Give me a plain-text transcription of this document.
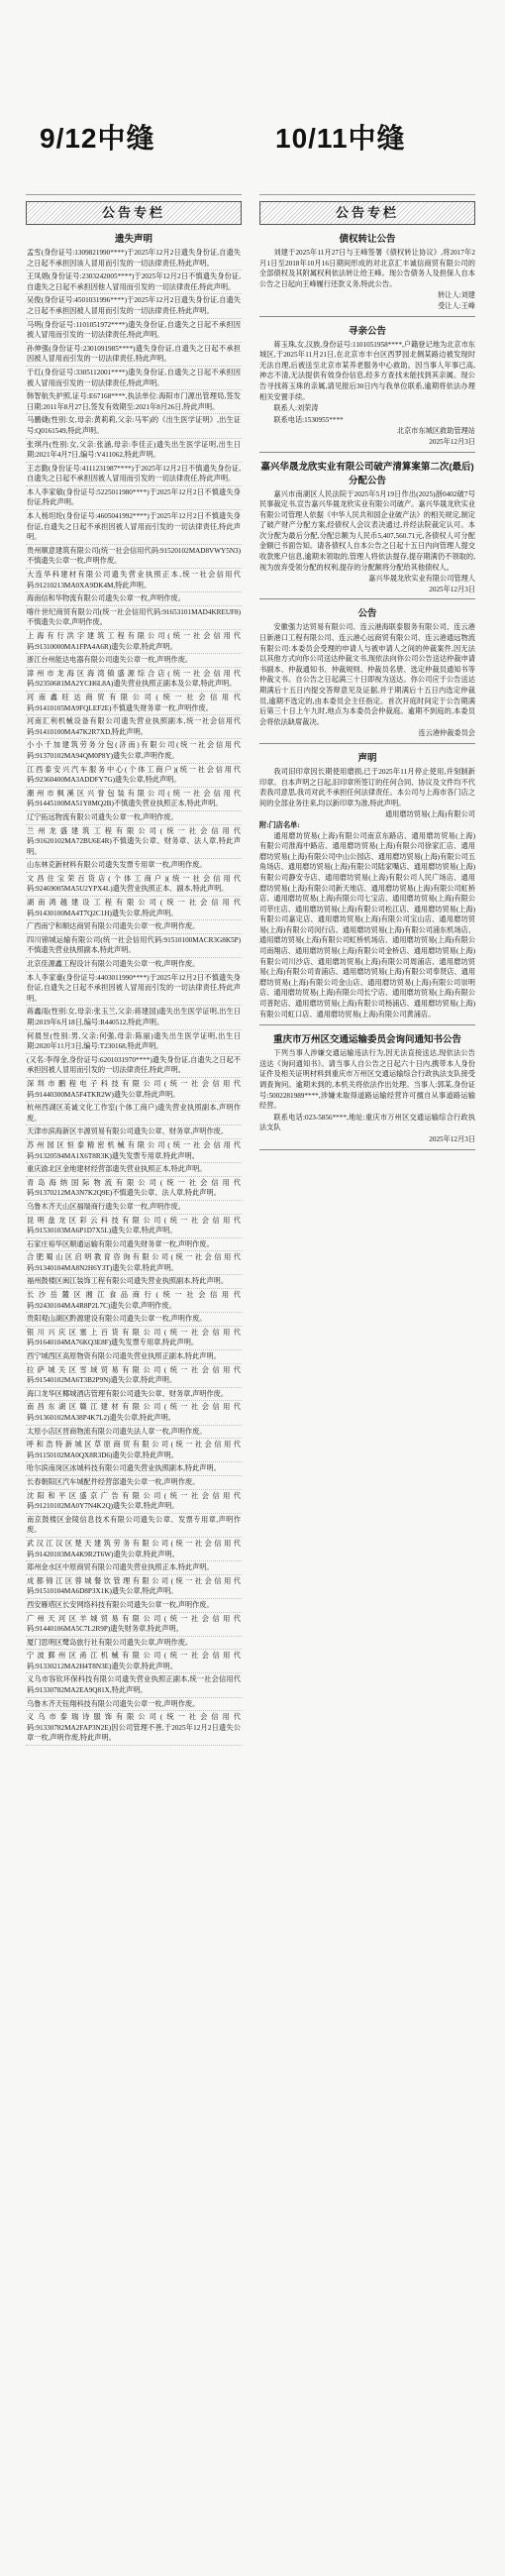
9/12中缝	10/11中缝
公告专栏
遗失声明

孟雪(身份证号:1309821990****)于2025年12月2日遗失身份证,自遗失之日起不承担因该人冒用而引发的一切法律责任,特此声明。

王凤娟(身份证号:2303242005****)于2025年12月2日不慎遗失身份证,自遗失之日起不承担因他人冒用而引发的一切法律责任,特此声明。

吴俊(身份证号:4501031996****)于2025年12月2日遗失身份证,自遗失之日起不承担因被人冒用而引发的一切法律责任,特此声明。

马明(身份证号:1101051972****)遗失身份证,自遗失之日起不承担因被人冒用而引发的一切法律责任,特此声明。

孙伸强(身份证号:2301091985****)遗失身份证,自遗失之日起不承担因被人冒用而引发的一切法律责任,特此声明。

于红(身份证号:3305112001****)遗失身份证,自遗失之日起不承担因被人冒用而引发的一切法律责任,特此声明。

韩智航失护照,证号:E67168****,执法单位:海阳市门源出管理局,签发日期:2011年8月27日,签发有效期至:2021年8月26日,特此声明。

马鹏婕(性别:女,母亲:黄莉莉,父亲:马军)的《出生医学证明》,出生证号:Q0161549,特此声明。

张琪丹(性别:女,父亲:张涵,母亲:李佳正)遗失出生医学证明,出生日期:2021年4月7日,编号:V411062,特此声明。

王志勤(身份证号:4111231987****)于2025年12月2日不慎遗失身份证,自遗失之日起不承担因被人冒用而引发的一切法律责任,特此声明。

本人李家敏(身份证号:5225011980****)于2025年12月2日不慎遗失身份证,特此声明。

本人杨坦纶(身份证号:4605041992****)于2025年12月2日不慎遗失身份证,自遗失之日起不承担因被人冒用而引发的一切法律责任,特此声明。

贵州顺意建筑有限公司(统一社会信用代码:91520102MAD8VWY5N3)不慎遗失公章一枚,声明作废。

大连华科建材有限公司遗失营业执照正本,统一社会信用代码:91210213MA0XA9DK4M,特此声明。

海南信和华物流有限公司遗失公章一枚,声明作废。

喀什世纪商贸有限公司(统一社会信用代码:91653101MAD4KREUF8)不慎遗失公章,声明作废。

上海有行洪字建筑工程有限公司(统一社会信用代码:91310000MA1FPA4A6R)遗失公章,特此声明。

浙江台州能达电器有限公司遗失公章一枚,声明作废。

漳州市龙海区海湾镇盛源综合店(统一社会信用代码:92350681MA2YCH6L8A)遗失营业执照正副本及公章,特此声明。

河南鑫旺达商贸有限公司(统一社会信用代码:91410105MA9FQLEF2E)不慎遗失财务章一枚,声明作废。

河南汇利机械设备有限公司遗失营业执照副本,统一社会信用代码:91410100MA47K2R7XD,特此声明。

小小千加建筑劳务分包(济南)有限公司(统一社会信用代码:91370102MA94QM0P8Y)遗失公章,声明作废。

江西泰安兴汽车服务中心(个体工商户)(统一社会信用代码:92360400MA3ADDFY7G)遗失公章,特此声明。

潮州市枫溪区兴誉包装有限公司(统一社会信用代码:91445100MA51Y8MQ2B)不慎遗失营业执照正本,特此声明。

辽宁拓远物流有限公司遗失公章一枚,声明作废。

兰州龙盛建筑工程有限公司(统一社会信用代码:91620102MA72BU6E4R)不慎遗失公章、财务章、法人章,特此声明。

山东林克新材料有限公司遗失发票专用章一枚,声明作废。

文昌住宝荣百货店(个体工商户)(统一社会信用代码:92469005MA5U2YPX4L)遗失营业执照正本、副本,特此声明。

湖南鸿越建设工程有限公司(统一社会信用代码:91430100MA4T7Q2C1H)遗失公章,特此声明。

广西南宁和顺达商贸有限公司遗失公章一枚,声明作废。

四川锦城运输有限公司(统一社会信用代码:91510100MACR3G8K5P)不慎遗失营业执照副本,特此声明。

北京佳源鑫工程设计有限公司遗失公章一枚,声明作废。

本人李家豪(身份证号:4403011990****)于2025年12月2日不慎遗失身份证,自遗失之日起不承担因被人冒用而引发的一切法律责任,特此声明。

蒋鑫雨(性别:女,母亲:张玉兰,父亲:蒋建国)遗失出生医学证明,出生日期:2019年6月18日,编号:R440512,特此声明。

何晨昱(性别:男,父亲:何强,母亲:陈丽)遗失出生医学证明,出生日期:2020年11月3日,编号:T230168,特此声明。

(又名:李得金,身份证号:6201031970****)遗失身份证,自遗失之日起不承担因被人冒用而引发的一切法律责任,特此声明。

深圳市鹏程电子科技有限公司(统一社会信用代码:91440300MA5F4TKR2W)遗失公章,特此声明。

杭州西湖区美诚文化工作室(个体工商户)遗失营业执照副本,声明作废。

天津市滨海新区丰源贸易有限公司遗失公章、财务章,声明作废。

苏州园区恒泰精密机械有限公司(统一社会信用代码:91320594MA1X6T8R3K)遗失发票专用章,特此声明。

重庆渝北区金地建材经营部遗失营业执照正本,特此声明。

青岛海纳国际物流有限公司(统一社会信用代码:91370212MA3N7K2Q9E)不慎遗失公章、法人章,特此声明。

乌鲁木齐天山区福瑞商行遗失公章一枚,声明作废。

昆明盘龙区彩云科技有限公司(统一社会信用代码:91530103MA6P1D7X5L)遗失公章,特此声明。

石家庄裕华区顺通运输有限公司遗失财务章一枚,声明作废。

合肥蜀山区启明教育咨询有限公司(统一社会信用代码:91340104MA8N2H6Y3T)遗失公章,特此声明。

福州鼓楼区闽江装饰工程有限公司遗失营业执照副本,特此声明。

长沙岳麓区湘江食品商行(统一社会信用代码:92430104MA4R8P2L7C)遗失公章,声明作废。

贵阳观山湖区黔源建设有限公司遗失公章一枚,声明作废。

银川兴庆区塞上百货有限公司(统一社会信用代码:91640104MA76KQ3E8F)遗失发票专用章,特此声明。

西宁城西区高原物资有限公司遗失营业执照正副本,特此声明。

拉萨城关区雪域贸易有限公司(统一社会信用代码:91540102MA6T3B2P9N)遗失公章,特此声明。

海口龙华区椰城酒店管理有限公司遗失公章、财务章,声明作废。

南昌东湖区赣江建材有限公司(统一社会信用代码:91360102MA38P4K7L2)遗失公章,特此声明。

太原小店区晋商物流有限公司遗失法人章一枚,声明作废。

呼和浩特新城区草原商贸有限公司(统一社会信用代码:91150102MA0QX8R3D6)遗失公章,特此声明。

哈尔滨南岗区冰城科技有限公司遗失营业执照副本,特此声明。

长春朝阳区汽车城配件经营部遗失公章一枚,声明作废。

沈阳和平区盛京广告有限公司(统一社会信用代码:91210102MA0Y7N4K2Q)遗失公章,特此声明。

南京鼓楼区金陵信息技术有限公司遗失公章、发票专用章,声明作废。

武汉江汉区楚天建筑劳务有限公司(统一社会信用代码:91420103MA4K9R2T6W)遗失公章,特此声明。

郑州金水区中原商贸有限公司遗失营业执照正本,特此声明。

成都锦江区蓉城餐饮管理有限公司(统一社会信用代码:91510104MA6D8P3X1K)遗失公章,特此声明。

西安雁塔区长安网络科技有限公司遗失公章一枚,声明作废。

广州天河区羊城贸易有限公司(统一社会信用代码:91440106MA5C7L2R9P)遗失财务章,特此声明。

厦门思明区鹭岛旅行社有限公司遗失公章,声明作废。

宁波鄞州区甬江机械有限公司(统一社会信用代码:91330212MA2H4T8N3E)遗失公章,特此声明。

义乌市容钦环保科技有限公司遗失营业执照正副本,统一社会信用代码:91330782MA2EA9Q81X,特此声明。

乌鲁木齐天钰翔科技有限公司遗失公章一枚,声明作废。

义乌市泰瑞诗服饰有限公司(统一社会信用代码:91330782MA2FAP3N2E)因公司管理不善,于2025年12月2日遗失公章一枚,声明作废,特此声明。

公告专栏
债权转让公告

刘建于2025年11月27日与王峰签署《债权转让协议》,将2017年2月1日至2018年10月16日期间形成的对北京汇丰诚信商贸有限公司的全部债权及其附属权利依法转让给王峰。现公告债务人及担保人自本公告之日起向王峰履行还款义务,特此公告。

转让人:刘建

受让人:王峰

寻亲公告

蒋玉珠,女,汉族,身份证号:1101051958****,户籍登记地为北京市东城区,于2025年11月21日,在北京市丰台区西罗园北侧某路边被发现时无法自理,后被送至北京市某养老服务中心救助。因当事人年事已高,神志不清,无法提供有效身份信息,经多方查找未能找到其亲属。现公告寻找蒋玉珠的亲属,请见报后30日内与我单位联系,逾期将依法办理相关安置手续。

联系人:刘荣涛

联系电话:1530955****

北京市东城区救助管理站

2025年12月3日

嘉兴华晟龙欣实业有限公司破产清算案第二次(最后)分配公告

嘉兴市南湖区人民法院于2025年5月19日作出(2025)浙0402破7号民事裁定书,宣告嘉兴华晟龙欣实业有限公司破产。嘉兴华晟龙欣实业有限公司管理人依据《中华人民共和国企业破产法》的相关规定,制定了破产财产分配方案,经债权人会议表决通过,并经法院裁定认可。本次分配为最后分配,分配总额为人民币5,407,560.71元,各债权人可分配金额已书面告知。请各债权人自本公告之日起十五日内向管理人提交收款账户信息,逾期未领取的,管理人将依法提存,提存期满仍不领取的,视为放弃受领分配的权利,提存的分配额将分配给其他债权人。

嘉兴华晟龙欣实业有限公司管理人

2025年12月3日

公告

安徽强力达贸易有限公司、连云港海联泰服务有限公司、连云港日新港口工程有限公司、连云港心远商贸有限公司、连云港通远物流有限公司:本委员会受理的申请人与被申请人之间的仲裁案件,因无法以其他方式向你公司送达仲裁文书,现依法向你公司公告送达仲裁申请书副本、仲裁通知书、仲裁规则、仲裁员名册、选定仲裁员通知书等仲裁文书。自公告之日起满三十日即视为送达。你公司应于公告送达期满后十五日内提交答辩意见及证据,并于期满后十五日内选定仲裁员,逾期不选定的,由本委员会主任指定。首次开庭时间定于公告期满后第三十日上午九时,地点为本委员会仲裁庭。逾期不到庭的,本委员会将依法缺席裁决。

连云港仲裁委员会

声明

我司旧印章因长期使用磨损,已于2025年11月停止使用,并刻制新印章。自本声明之日起,旧印章所签订的任何合同、协议及文件均不代表我司意思,我司对此不承担任何法律责任。本公司与上海市各门店之间的全部业务往来,均以新印章为准,特此声明。

通用磨坊贸易(上海)有限公司

附:门店名单:

通用磨坊贸易(上海)有限公司南京东路店、通用磨坊贸易(上海)有限公司淮海中路店、通用磨坊贸易(上海)有限公司徐家汇店、通用磨坊贸易(上海)有限公司中山公园店、通用磨坊贸易(上海)有限公司五角场店、通用磨坊贸易(上海)有限公司陆家嘴店、通用磨坊贸易(上海)有限公司静安寺店、通用磨坊贸易(上海)有限公司人民广场店、通用磨坊贸易(上海)有限公司新天地店、通用磨坊贸易(上海)有限公司虹桥店、通用磨坊贸易(上海)有限公司七宝店、通用磨坊贸易(上海)有限公司莘庄店、通用磨坊贸易(上海)有限公司松江店、通用磨坊贸易(上海)有限公司嘉定店、通用磨坊贸易(上海)有限公司宝山店、通用磨坊贸易(上海)有限公司闵行店、通用磨坊贸易(上海)有限公司浦东机场店、通用磨坊贸易(上海)有限公司虹桥机场店、通用磨坊贸易(上海)有限公司南翔店、通用磨坊贸易(上海)有限公司金桥店、通用磨坊贸易(上海)有限公司川沙店、通用磨坊贸易(上海)有限公司周浦店、通用磨坊贸易(上海)有限公司青浦店、通用磨坊贸易(上海)有限公司奉贤店、通用磨坊贸易(上海)有限公司金山店、通用磨坊贸易(上海)有限公司崇明店、通用磨坊贸易(上海)有限公司长宁店、通用磨坊贸易(上海)有限公司普陀店、通用磨坊贸易(上海)有限公司杨浦店、通用磨坊贸易(上海)有限公司虹口店、通用磨坊贸易(上海)有限公司黄浦店。

重庆市万州区交通运输委员会询问通知书公告

下列当事人涉嫌交通运输违法行为,因无法直接送达,现依法公告送达《询问通知书》。请当事人自公告之日起六十日内,携带本人身份证件及相关证明材料到重庆市万州区交通运输综合行政执法支队接受调查询问。逾期未到的,本机关将依法作出处理。当事人:郭某,身份证号:5002281989****,涉嫌未取得道路运输经营许可擅自从事道路运输经营。

联系电话:023-5856****,地址:重庆市万州区交通运输综合行政执法支队

2025年12月3日
